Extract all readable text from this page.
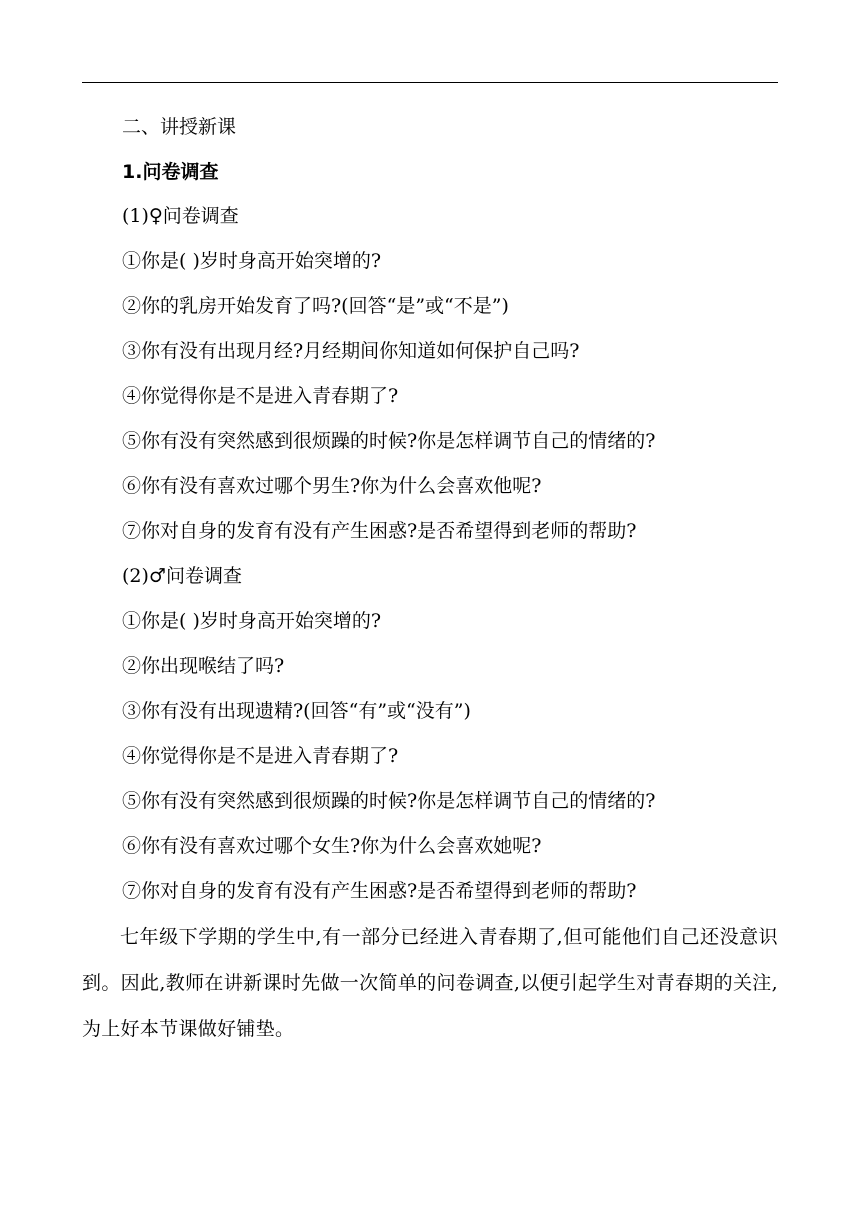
二、讲授新课
1.问卷调查
(1)♀问卷调查
①你是( )岁时身高开始突增的?
②你的乳房开始发育了吗?(回答“是”或“不是”)
③你有没有出现月经?月经期间你知道如何保护自己吗?
④你觉得你是不是进入青春期了?
⑤你有没有突然感到很烦躁的时候?你是怎样调节自己的情绪的?
⑥你有没有喜欢过哪个男生?你为什么会喜欢他呢?
⑦你对自身的发育有没有产生困惑?是否希望得到老师的帮助?
(2)♂问卷调查
①你是( )岁时身高开始突增的?
②你出现喉结了吗?
③你有没有出现遗精?(回答“有”或“没有”)
④你觉得你是不是进入青春期了?
⑤你有没有突然感到很烦躁的时候?你是怎样调节自己的情绪的?
⑥你有没有喜欢过哪个女生?你为什么会喜欢她呢?
⑦你对自身的发育有没有产生困惑?是否希望得到老师的帮助?
七年级下学期的学生中,有一部分已经进入青春期了,但可能他们自己还没意识到。因此,教师在讲新课时先做一次简单的问卷调查,以便引起学生对青春期的关注,为上好本节课做好铺垫。
